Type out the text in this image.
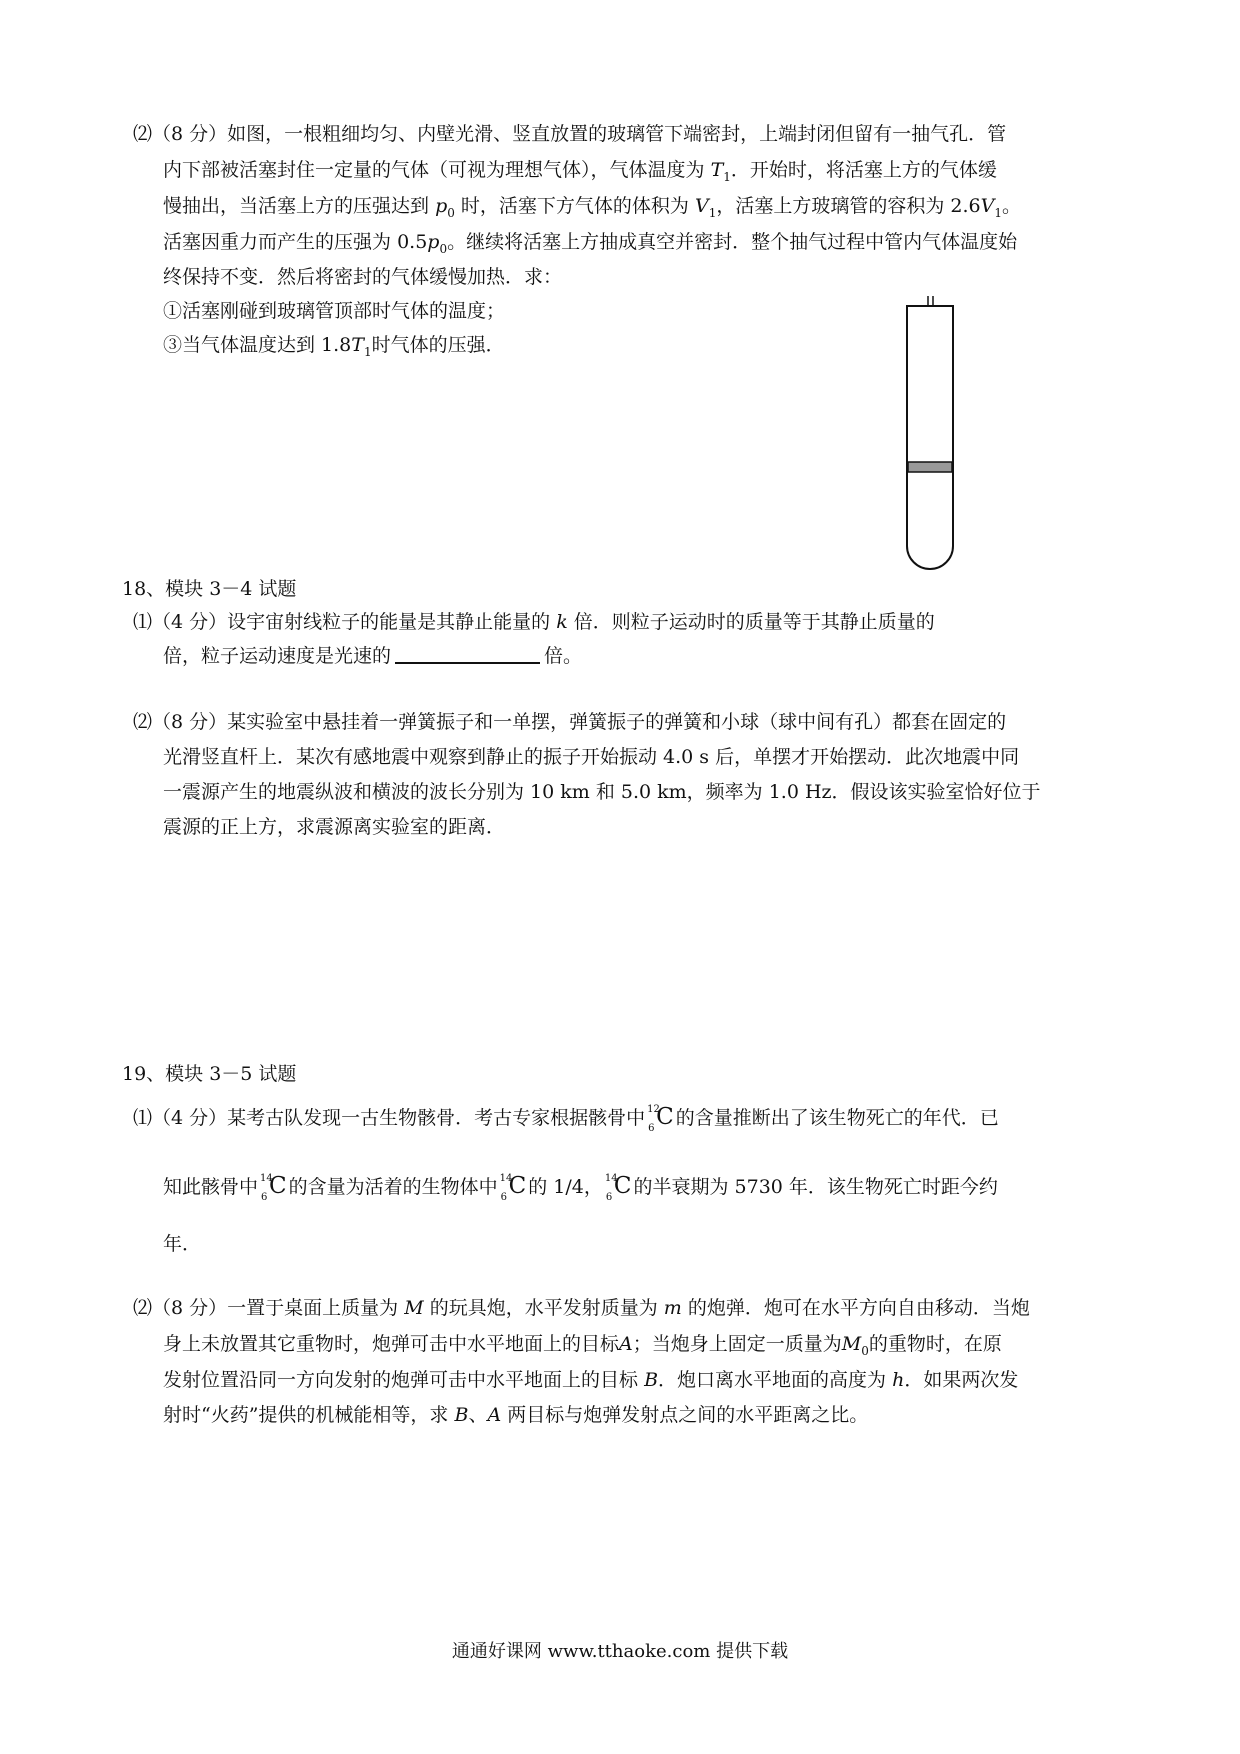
⑵（8 分）如图，一根粗细均匀、内壁光滑、竖直放置的玻璃管下端密封，上端封闭但留有一抽气孔．管
内下部被活塞封住一定量的气体（可视为理想气体），气体温度为 $T_1$．开始时，将活塞上方的气体缓
慢抽出，当活塞上方的压强达到 $p_0$ 时，活塞下方气体的体积为 $V_1$，活塞上方玻璃管的容积为 $2.6V_1$。
活塞因重力而产生的压强为 $0.5p_0$。继续将活塞上方抽成真空并密封．整个抽气过程中管内气体温度始
终保持不变．然后将密封的气体缓慢加热．求：
①活塞刚碰到玻璃管顶部时气体的温度；
③当气体温度达到 $1.8T_1$时气体的压强．
18、模块 3－4 试题
⑴（4 分）设宇宙射线粒子的能量是其静止能量的 k 倍．则粒子运动时的质量等于其静止质量的
倍，粒子运动速度是光速的	倍。
⑵（8 分）某实验室中悬挂着一弹簧振子和一单摆，弹簧振子的弹簧和小球（球中间有孔）都套在固定的
光滑竖直杆上．某次有感地震中观察到静止的振子开始振动 4.0 s 后，单摆才开始摆动．此次地震中同
一震源产生的地震纵波和横波的波长分别为 10 km 和 5.0 km，频率为 1.0 Hz．假设该实验室恰好位于
震源的正上方，求震源离实验室的距离．
19、模块 3－5 试题
⑴（4 分）某考古队发现一古生物骸骨．考古专家根据骸骨中 12
6 C 的含量推断出了该生物死亡的年代．已
知此骸骨中 14
6 C 的含量为活着的生物体中 14
6 C 的 1/4， 14
6 C 的半衰期为 5730 年．该生物死亡时距今约
年．
⑵（8 分）一置于桌面上质量为 M 的玩具炮，水平发射质量为 m 的炮弹．炮可在水平方向自由移动．当炮
身上未放置其它重物时，炮弹可击中水平地面上的目标A；当炮身上固定一质量为$M_0$的重物时，在原
发射位置沿同一方向发射的炮弹可击中水平地面上的目标 B．炮口离水平地面的高度为 h．如果两次发
射时“火药”提供的机械能相等，求 B、A 两目标与炮弹发射点之间的水平距离之比。
通通好课网 www.tthaoke.com 提供下载
